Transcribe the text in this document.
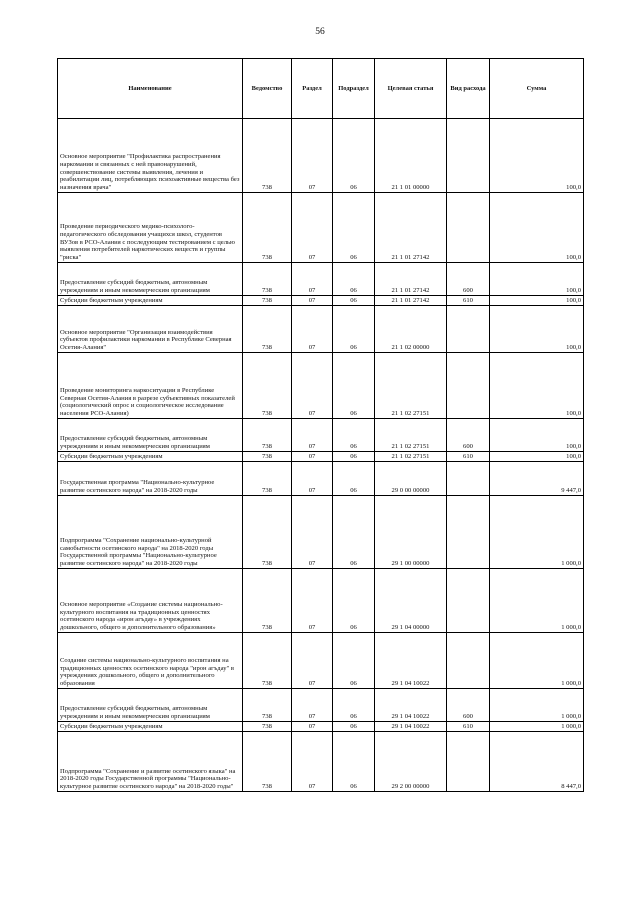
56
Наименование	Ведомство	Раздел	Подраздел	Целевая статья	Вид расхода	Сумма

Основное мероприятие "Профилактика распространения наркомании и связанных с ней правонарушений, совершенствование системы выявления, лечения и реабилитации лиц, потребляющих психоактивные вещества без назначения врача"	738	07	06	21 1 01 00000		100,0

Проведение периодического медико-психолого-педагогического обследования учащихся школ, студентов ВУЗов в РСО-Алания с последующим тестированием с целью выявления потребителей наркотических веществ и группы "риска"	738	07	06	21 1 01 27142		100,0

Предоставление субсидий бюджетным, автономным учреждениям и иным некоммерческим организациям	738	07	06	21 1 01 27142	600	100,0

Субсидии бюджетным учреждениям	738	07	06	21 1 01 27142	610	100,0

Основное мероприятие "Организация взаимодействия субъектов профилактики наркомании в Республике Северная Осетия-Алания"	738	07	06	21 1 02 00000		100,0

Проведение мониторинга наркоситуации в Республике Северная Осетия-Алания в разрезе субъективных показателей (социологический опрос и социологическое исследование населения РСО-Алания)	738	07	06	21 1 02 27151		100,0

Предоставление субсидий бюджетным, автономным учреждениям и иным некоммерческим организациям	738	07	06	21 1 02 27151	600	100,0

Субсидии бюджетным учреждениям	738	07	06	21 1 02 27151	610	100,0

Государственная программа "Национально-культурное развитие осетинского народа" на 2018-2020 годы	738	07	06	29 0 00 00000		9 447,0

Подпрограмма "Сохранение национально-культурной самобытности осетинского народа" на 2018-2020 годы Государственной программы "Национально-культурное развитие осетинского народа" на 2018-2020 годы	738	07	06	29 1 00 00000		1 000,0

Основное мероприятие «Создание системы национально-культурного воспитания на традиционных ценностях осетинского народа «ирон агъдау» в учреждениях дошкольного, общего и дополнительного образования»	738	07	06	29 1 04 00000		1 000,0

Создание системы национально-культурного воспитания на традиционных ценностях осетинского народа "ирон агъдау" в учреждениях дошкольного, общего и дополнительного образования	738	07	06	29 1 04 10022		1 000,0

Предоставление субсидий бюджетным, автономным учреждениям и иным некоммерческим организациям	738	07	06	29 1 04 10022	600	1 000,0

Субсидии бюджетным учреждениям	738	07	06	29 1 04 10022	610	1 000,0

Подпрограмма "Сохранение и развитие осетинского языка" на 2018-2020 годы Государственной программы "Национально-культурное развитие осетинского народа" на 2018-2020 годы"	738	07	06	29 2 00 00000		8 447,0
